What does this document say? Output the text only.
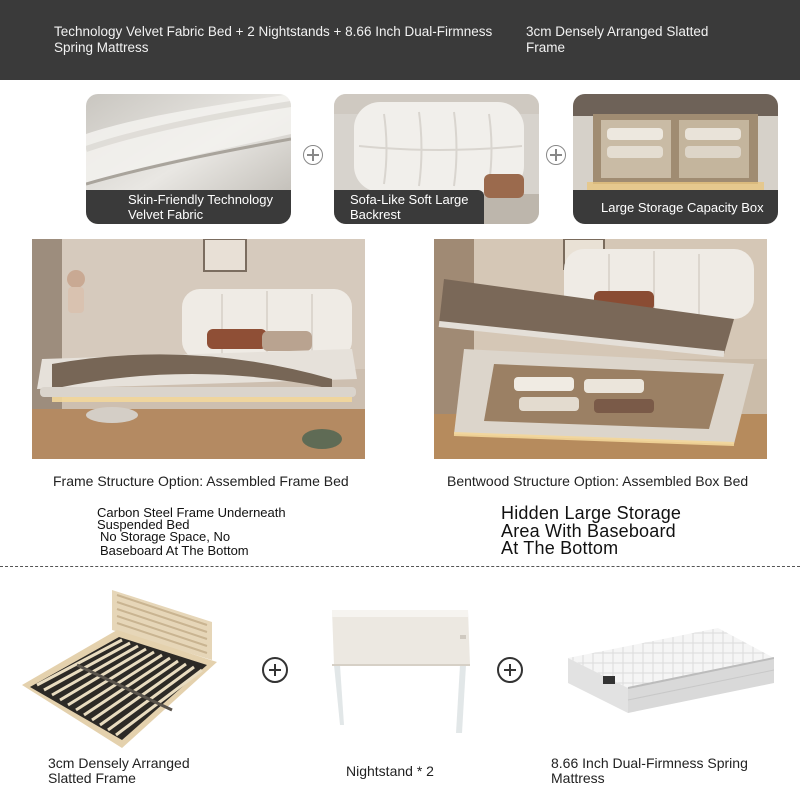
Technology Velvet Fabric Bed + 2 Nightstands + 8.66 Inch Dual-Firmness Spring Mattress
3cm Densely Arranged Slatted Frame
Skin-Friendly Technology Velvet Fabric
Sofa-Like Soft Large Backrest	Large Storage Capacity Box
Frame Structure Option: Assembled Frame Bed	Bentwood Structure Option: Assembled Box Bed
Carbon Steel Frame Underneath
Suspended Bed
No Storage Space, No
Baseboard At The Bottom
Hidden Large Storage
Area With Baseboard
At The Bottom
3cm Densely Arranged Slatted Frame	Nightstand * 2	8.66 Inch Dual-Firmness Spring Mattress
